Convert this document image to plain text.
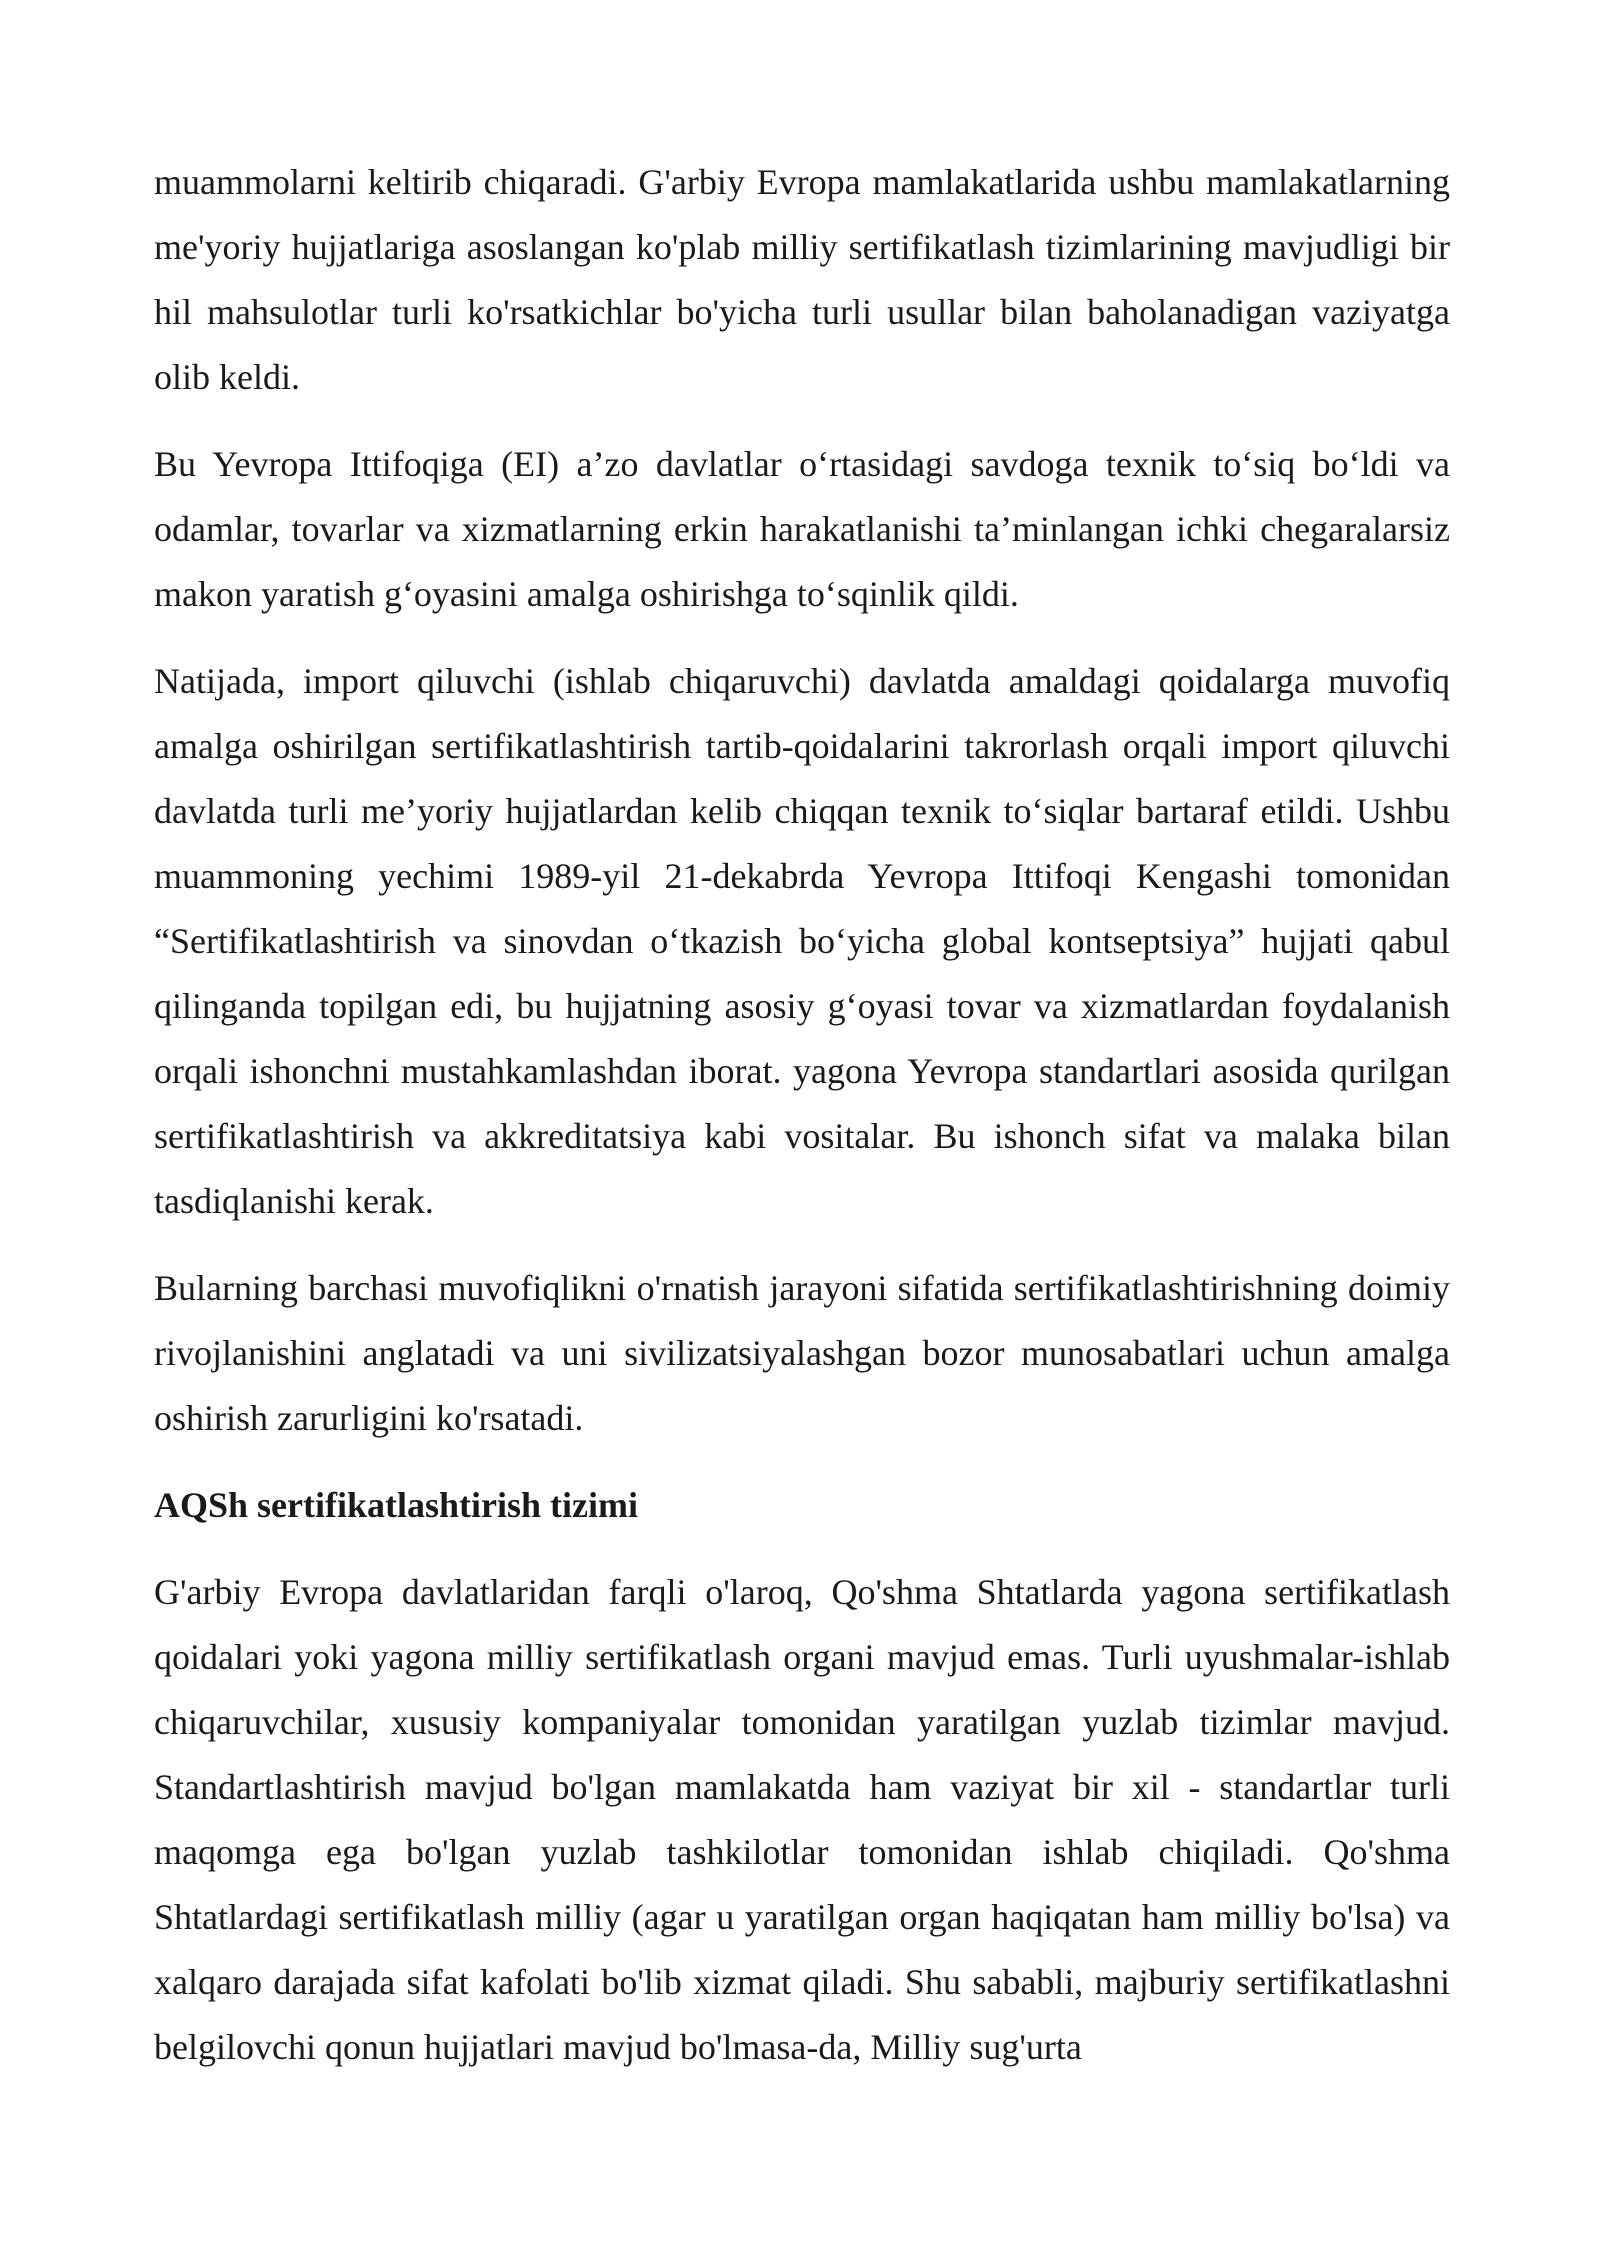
muammolarni keltirib chiqaradi. G'arbiy Evropa mamlakatlarida ushbu mamlakatlarning me'yoriy hujjatlariga asoslangan ko'plab milliy sertifikatlash tizimlarining mavjudligi bir hil mahsulotlar turli ko'rsatkichlar bo'yicha turli usullar bilan baholanadigan vaziyatga olib keldi.

Bu Yevropa Ittifoqiga (EI) a’zo davlatlar o‘rtasidagi savdoga texnik to‘siq bo‘ldi va odamlar, tovarlar va xizmatlarning erkin harakatlanishi ta’minlangan ichki chegaralarsiz makon yaratish g‘oyasini amalga oshirishga to‘sqinlik qildi.

Natijada, import qiluvchi (ishlab chiqaruvchi) davlatda amaldagi qoidalarga muvofiq amalga oshirilgan sertifikatlashtirish tartib-qoidalarini takrorlash orqali import qiluvchi davlatda turli me’yoriy hujjatlardan kelib chiqqan texnik to‘siqlar bartaraf etildi. Ushbu muammoning yechimi 1989-yil 21-dekabrda Yevropa Ittifoqi Kengashi tomonidan “Sertifikatlashtirish va sinovdan o‘tkazish bo‘yicha global kontseptsiya” hujjati qabul qilinganda topilgan edi, bu hujjatning asosiy g‘oyasi tovar va xizmatlardan foydalanish orqali ishonchni mustahkamlashdan iborat. yagona Yevropa standartlari asosida qurilgan sertifikatlashtirish va akkreditatsiya kabi vositalar. Bu ishonch sifat va malaka bilan tasdiqlanishi kerak.

Bularning barchasi muvofiqlikni o'rnatish jarayoni sifatida sertifikatlashtirishning doimiy rivojlanishini anglatadi va uni sivilizatsiyalashgan bozor munosabatlari uchun amalga oshirish zarurligini ko'rsatadi.

AQSh sertifikatlashtirish tizimi

G'arbiy Evropa davlatlaridan farqli o'laroq, Qo'shma Shtatlarda yagona sertifikatlash qoidalari yoki yagona milliy sertifikatlash organi mavjud emas. Turli uyushmalar-ishlab chiqaruvchilar, xususiy kompaniyalar tomonidan yaratilgan yuzlab tizimlar mavjud. Standartlashtirish mavjud bo'lgan mamlakatda ham vaziyat bir xil - standartlar turli maqomga ega bo'lgan yuzlab tashkilotlar tomonidan ishlab chiqiladi. Qo'shma Shtatlardagi sertifikatlash milliy (agar u yaratilgan organ haqiqatan ham milliy bo'lsa) va xalqaro darajada sifat kafolati bo'lib xizmat qiladi. Shu sababli, majburiy sertifikatlashni belgilovchi qonun hujjatlari mavjud bo'lmasa-da, Milliy sug'urta
